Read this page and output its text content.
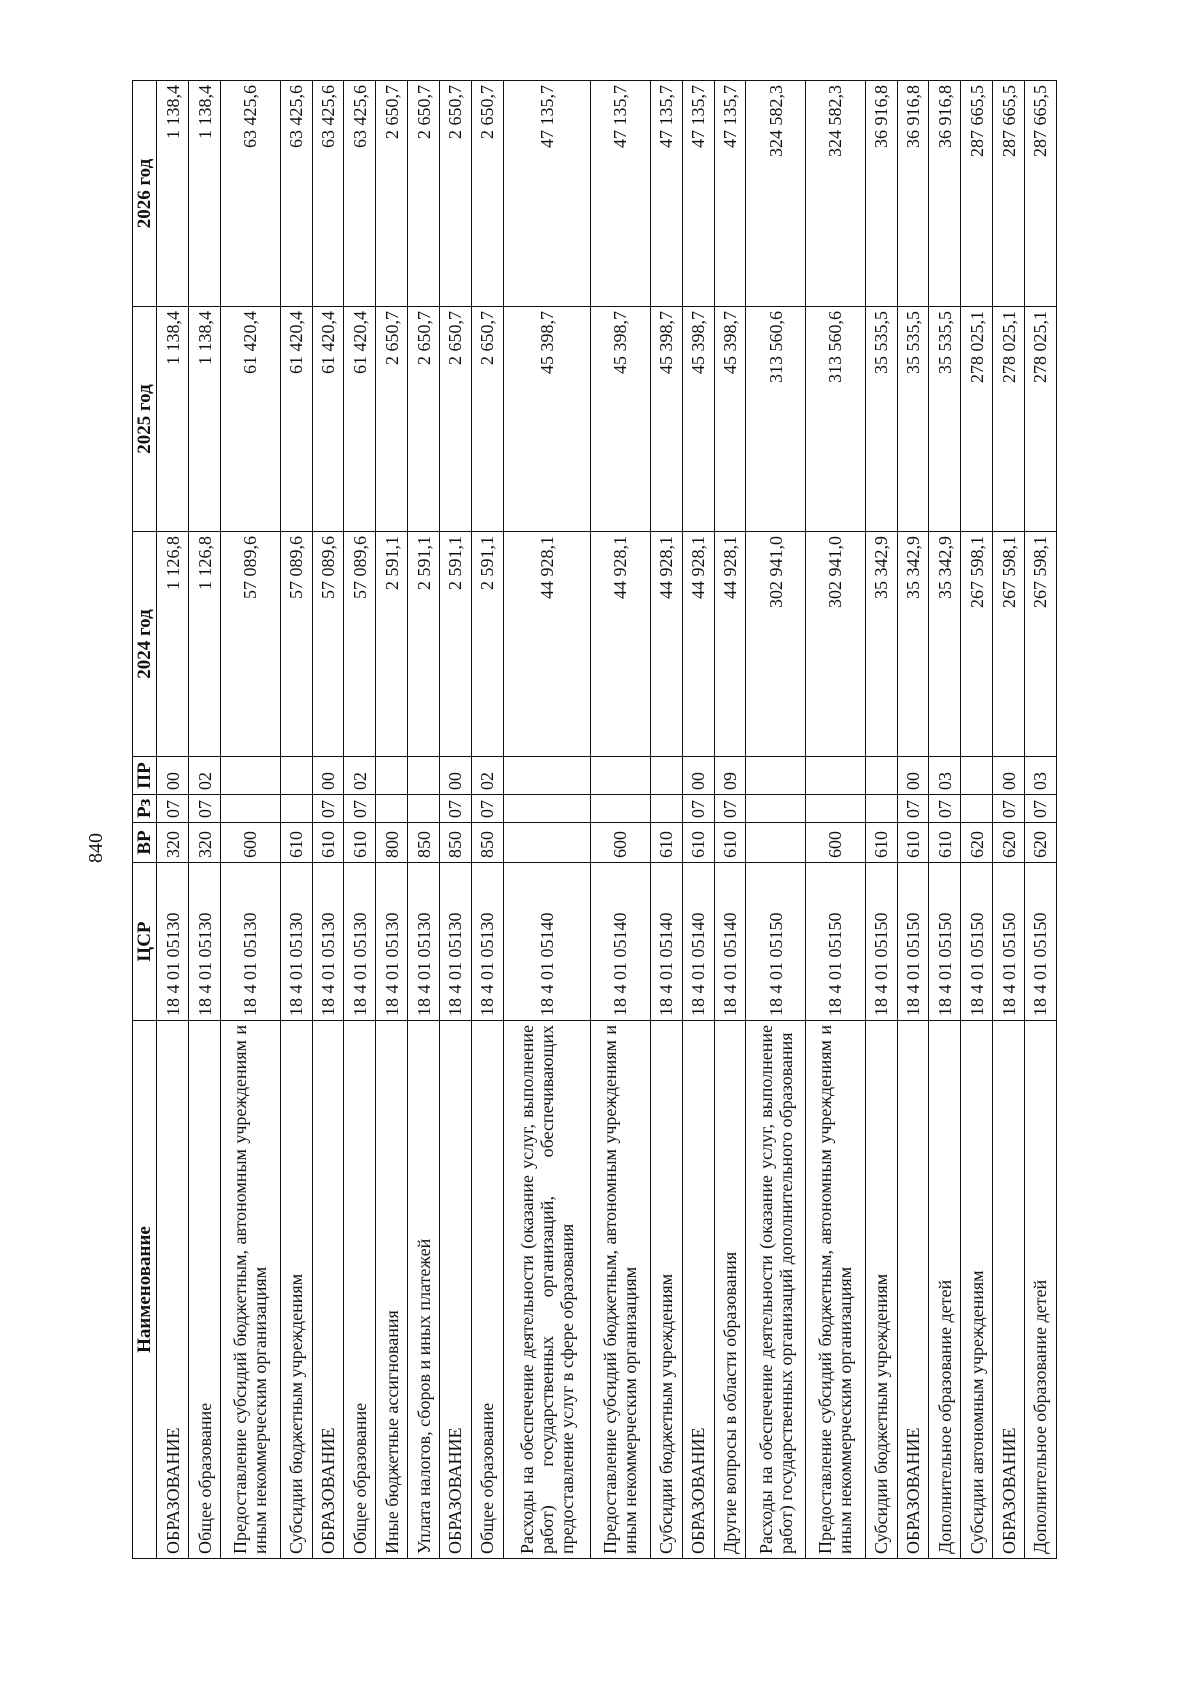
840
Наименование	ЦСР	ВР	Рз	ПР	2024 год	2025 год	2026 год
ОБРАЗОВАНИЕ	18 4 01 05130	320	07	00	1 126,8	1 138,4	1 138,4
Общее образование	18 4 01 05130	320	07	02	1 126,8	1 138,4	1 138,4
Предоставление субсидий бюджетным, автономным учреждениям и иным некоммерческим организациям	18 4 01 05130	600			57 089,6	61 420,4	63 425,6
Субсидии бюджетным учреждениям	18 4 01 05130	610			57 089,6	61 420,4	63 425,6
ОБРАЗОВАНИЕ	18 4 01 05130	610	07	00	57 089,6	61 420,4	63 425,6
Общее образование	18 4 01 05130	610	07	02	57 089,6	61 420,4	63 425,6
Иные бюджетные ассигнования	18 4 01 05130	800			2 591,1	2 650,7	2 650,7
Уплата налогов, сборов и иных платежей	18 4 01 05130	850			2 591,1	2 650,7	2 650,7
ОБРАЗОВАНИЕ	18 4 01 05130	850	07	00	2 591,1	2 650,7	2 650,7
Общее образование	18 4 01 05130	850	07	02	2 591,1	2 650,7	2 650,7
Расходы на обеспечение деятельности (оказание услуг, выполнение работ) государственных организаций, обеспечивающих предоставление услуг в сфере образования	18 4 01 05140				44 928,1	45 398,7	47 135,7
Предоставление субсидий бюджетным, автономным учреждениям и иным некоммерческим организациям	18 4 01 05140	600			44 928,1	45 398,7	47 135,7
Субсидии бюджетным учреждениям	18 4 01 05140	610			44 928,1	45 398,7	47 135,7
ОБРАЗОВАНИЕ	18 4 01 05140	610	07	00	44 928,1	45 398,7	47 135,7
Другие вопросы в области образования	18 4 01 05140	610	07	09	44 928,1	45 398,7	47 135,7
Расходы на обеспечение деятельности (оказание услуг, выполнение работ) государственных организаций дополнительного образования	18 4 01 05150				302 941,0	313 560,6	324 582,3
Предоставление субсидий бюджетным, автономным учреждениям и иным некоммерческим организациям	18 4 01 05150	600			302 941,0	313 560,6	324 582,3
Субсидии бюджетным учреждениям	18 4 01 05150	610			35 342,9	35 535,5	36 916,8
ОБРАЗОВАНИЕ	18 4 01 05150	610	07	00	35 342,9	35 535,5	36 916,8
Дополнительное образование детей	18 4 01 05150	610	07	03	35 342,9	35 535,5	36 916,8
Субсидии автономным учреждениям	18 4 01 05150	620			267 598,1	278 025,1	287 665,5
ОБРАЗОВАНИЕ	18 4 01 05150	620	07	00	267 598,1	278 025,1	287 665,5
Дополнительное образование детей	18 4 01 05150	620	07	03	267 598,1	278 025,1	287 665,5
